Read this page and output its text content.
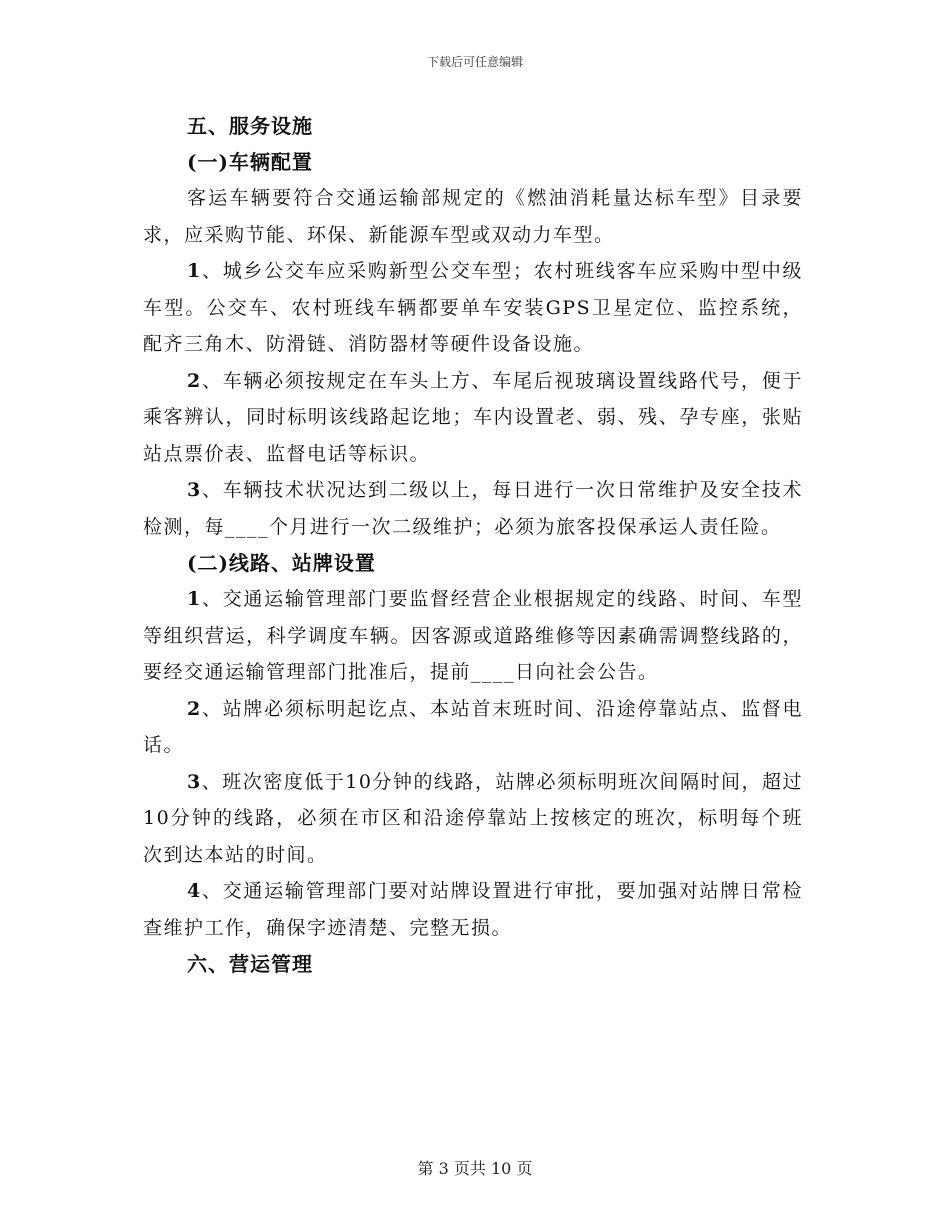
下载后可任意编辑
五、服务设施
(一)车辆配置

客运车辆要符合交通运输部规定的《燃油消耗量达标车型》目录要求，应采购节能、环保、新能源车型或双动力车型。

1、城乡公交车应采购新型公交车型；农村班线客车应采购中型中级车型。公交车、农村班线车辆都要单车安装GPS卫星定位、监控系统，配齐三角木、防滑链、消防器材等硬件设备设施。

2、车辆必须按规定在车头上方、车尾后视玻璃设置线路代号，便于乘客辨认，同时标明该线路起讫地；车内设置老、弱、残、孕专座，张贴站点票价表、监督电话等标识。

3、车辆技术状况达到二级以上，每日进行一次日常维护及安全技术检测，每____个月进行一次二级维护；必须为旅客投保承运人责任险。

(二)线路、站牌设置

1、交通运输管理部门要监督经营企业根据规定的线路、时间、车型等组织营运，科学调度车辆。因客源或道路维修等因素确需调整线路的，要经交通运输管理部门批准后，提前____日向社会公告。

2、站牌必须标明起讫点、本站首末班时间、沿途停靠站点、监督电话。

3、班次密度低于10分钟的线路，站牌必须标明班次间隔时间，超过10分钟的线路，必须在市区和沿途停靠站上按核定的班次，标明每个班次到达本站的时间。

4、交通运输管理部门要对站牌设置进行审批，要加强对站牌日常检查维护工作，确保字迹清楚、完整无损。

六、营运管理
第 3 页共 10 页
